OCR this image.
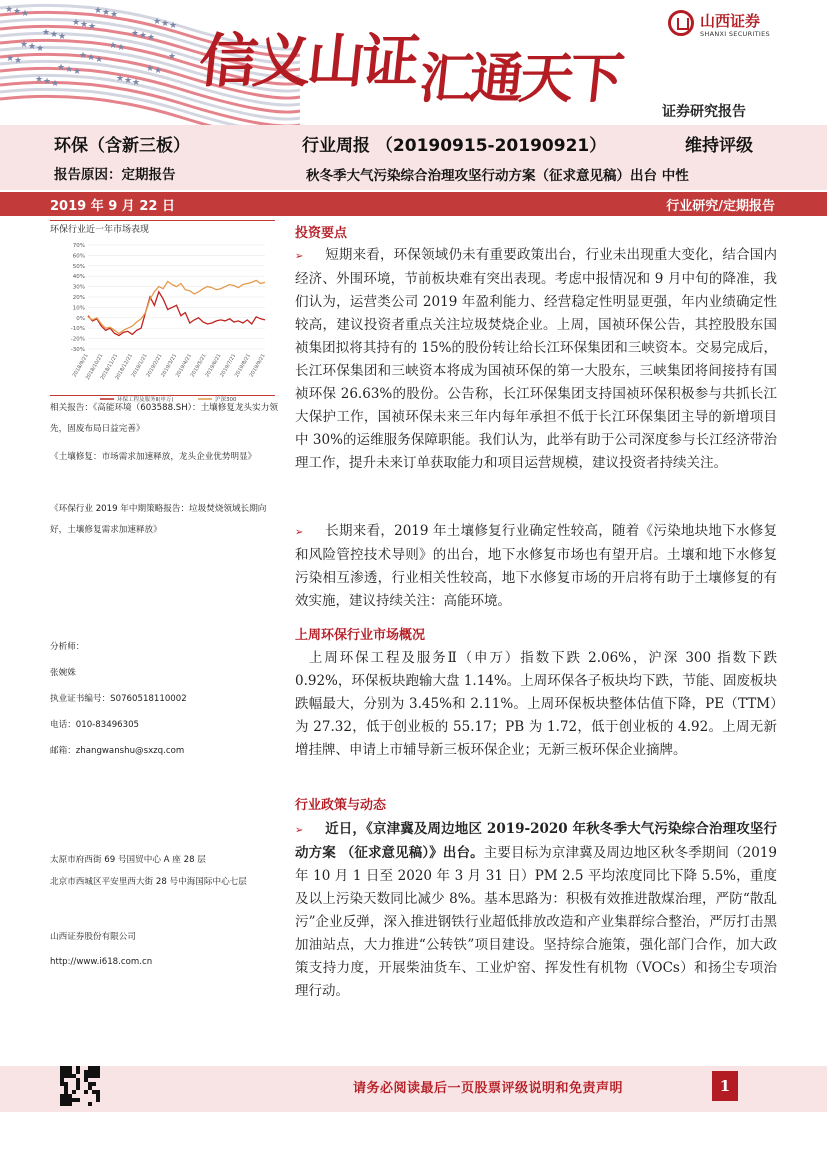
★
★
★
★
★
★
★
★
★
★
★
★
★
★
★
★
★
★
★
★
★
★
★
★
★
★
★
★
★
★
★
★
★
★
★
★
★
★
★
★ 信义山证汇通天下
山西证券
SHANXI SECURITIES
证券研究报告
环保（含新三板）
报告原因：定期报告
行业周报 （20190915-20190921）	维持评级
秋冬季大气污染综合治理攻坚行动方案（征求意见稿）出台 中性
2019 年 9 月 22 日	行业研究/定期报告
环保行业近一年市场表现
70%
60%
50%
40%
30%
20%
10%
0%
-10%
-20%
-30%
2018/9/21
2018/10/21
2018/11/21
2018/12/21
2019/1/21
2019/2/21
2019/3/21
2019/4/21
2019/5/21
2019/6/21
2019/7/21
2019/8/21
2019/9/21
环保工程及服务Ⅱ(申万)	沪深300
相关报告：《高能环境（603588.SH）：土壤修复龙头实力领先，固废布局日益完善》
《土壤修复：市场需求加速释放，龙头企业优势明显》
《环保行业 2019 年中期策略报告：垃圾焚烧领域长期向好，土壤修复需求加速释放》
分析师：
张婉姝
执业证书编号：S0760518110002
电话：010-83496305
邮箱：zhangwanshu@sxzq.com
太原市府西街 69 号国贸中心 A 座 28 层
北京市西城区平安里西大街 28 号中海国际中心七层
山西证券股份有限公司
http://www.i618.com.cn
投资要点
➢ 短期来看，环保领域仍未有重要政策出台，行业未出现重大变化，结合国内经济、外围环境，节前板块难有突出表现。考虑中报情况和 9 月中旬的降准，我们认为，运营类公司 2019 年盈利能力、经营稳定性明显更强，年内业绩确定性较高，建议投资者重点关注垃圾焚烧企业。上周，国祯环保公告，其控股股东国祯集团拟将其持有的 15%的股份转让给长江环保集团和三峡资本。交易完成后，长江环保集团和三峡资本将成为国祯环保的第一大股东，三峡集团将间接持有国祯环保 26.63%的股份。公告称，长江环保集团支持国祯环保积极参与共抓长江大保护工作，国祯环保未来三年内每年承担不低于长江环保集团主导的新增项目中 30%的运维服务保障职能。我们认为，此举有助于公司深度参与长江经济带治理工作，提升未来订单获取能力和项目运营规模，建议投资者持续关注。
➢ 长期来看，2019 年土壤修复行业确定性较高，随着《污染地块地下水修复和风险管控技术导则》的出台，地下水修复市场也有望开启。土壤和地下水修复污染相互渗透，行业相关性较高，地下水修复市场的开启将有助于土壤修复的有效实施，建议持续关注：高能环境。
上周环保行业市场概况
上周环保工程及服务Ⅱ（申万）指数下跌 2.06%，沪深 300 指数下跌 0.92%，环保板块跑输大盘 1.14%。上周环保各子板块均下跌，节能、固废板块跌幅最大，分别为 3.45%和 2.11%。上周环保板块整体估值下降，PE（TTM）为 27.32，低于创业板的 55.17；PB 为 1.72，低于创业板的 4.92。上周无新增挂牌、申请上市辅导新三板环保企业；无新三板环保企业摘牌。
行业政策与动态
➢ 近日，《京津冀及周边地区 2019-2020 年秋冬季大气污染综合治理攻坚行动方案 （征求意见稿）》出台。主要目标为京津冀及周边地区秋冬季期间（2019 年 10 月 1 日至 2020 年 3 月 31 日）PM 2.5 平均浓度同比下降 5.5%，重度及以上污染天数同比减少 8%。基本思路为：积极有效推进散煤治理，严防“散乱污”企业反弹，深入推进钢铁行业超低排放改造和产业集群综合整治，严厉打击黑加油站点，大力推进“公转铁”项目建设。坚持综合施策，强化部门合作，加大政策支持力度，开展柴油货车、工业炉窑、挥发性有机物（VOCs）和扬尘专项治理行动。
请务必阅读最后一页股票评级说明和免责声明	1
